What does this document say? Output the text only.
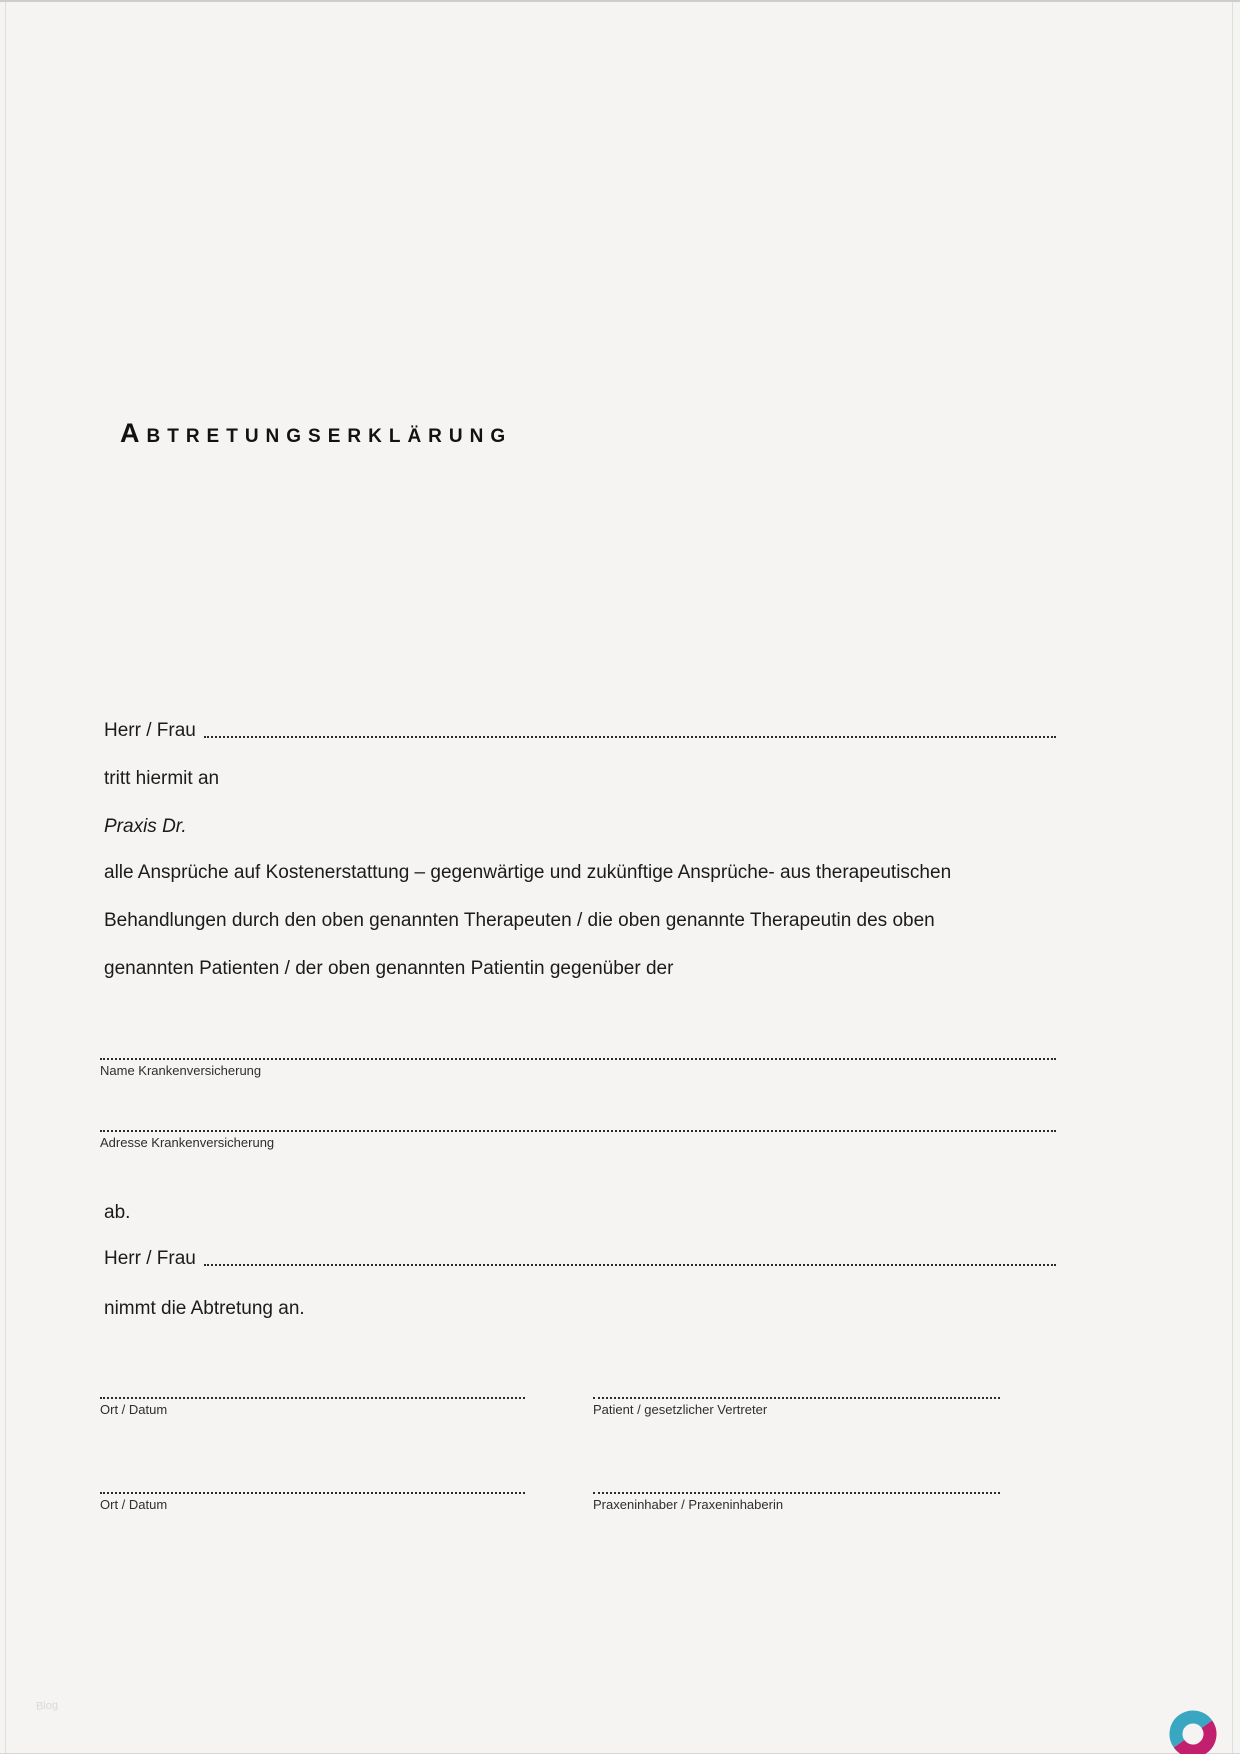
Abtretungserklärung
Herr / Frau
tritt hiermit an
Praxis Dr.
alle Ansprüche auf Kostenerstattung – gegenwärtige und zukünftige Ansprüche- aus therapeutischen
Behandlungen durch den oben genannten Therapeuten / die oben genannte Therapeutin des oben
genannten Patienten / der oben genannten Patientin gegenüber der
Name Krankenversicherung
Adresse Krankenversicherung
ab.
Herr / Frau
nimmt die Abtretung an.
Ort / Datum	Patient / gesetzlicher Vertreter
Ort / Datum	Praxeninhaber / Praxeninhaberin
Blog
